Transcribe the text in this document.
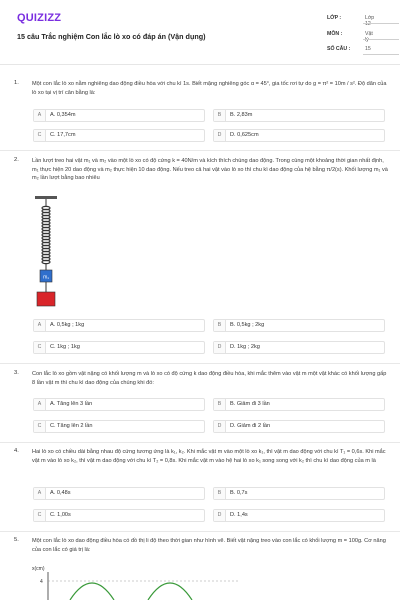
QUIZIZZ
15 câu Trắc nghiệm Con lắc lò xo có đáp án (Vận dụng)
LỚP :	Lớp 12
MÔN :	Vật lý
SỐ CÂU :	15
1. Một con lắc lò xo nằm nghiêng dao động điều hòa với chu kì 1s. Biết mặng nghiêng góc α = 45°, gia tốc rơi tự do g = π² = 10m / s². Độ dãn của lò xo tại vị trí cân bằng là:
A	A. 0,354m	B	B. 2,83m
C	C. 17,7cm	D	D. 0,625cm
2. Lần lượt treo hai vật m₁ và m₂ vào một lò xo có độ cứng k = 40N/m và kích thích chúng dao động. Trong cùng một khoảng thời gian nhất định, m₁ thực hiện 20 dao động và m₂ thực hiện 10 dao động. Nếu treo cả hai vật vào lò xo thì chu kì dao động của hệ bằng π/2(s). Khối lượng m₁ và m₂ lần lượt bằng bao nhiêu
m₁
A	A. 0,5kg ; 1kg	B	B. 0,5kg ; 2kg
C	C. 1kg ; 1kg	D	D. 1kg ; 2kg
3. Con lắc lò xo gồm vật nặng có khối lượng m và lò xo có độ cứng k dao động điều hòa, khi mắc thêm vào vật m một vật khác có khối lượng gấp 8 lần vật m thì chu kì dao động của chúng khi đó:
A	A. Tăng lên 3 lần	B	B. Giảm đi 3 lần
C	C. Tăng lên 2 lần	D	D. Giảm đi 2 lần
4. Hai lò xo có chiều dài bằng nhau độ cứng tương ứng là k₁, k₂. Khi mắc vật m vào một lò xo k₁, thì vật m dao động với chu kì T₁ = 0,6s. Khi mắc vật m vào lò xo k₂, thì vật m dao động với chu kì T₂ = 0,8s. Khi mắc vật m vào hệ hai lò xo k₁ song song với k₂ thì chu kì dao động của m là
A	A. 0,48s	B	B. 0,7s
C	C. 1,00s	D	D. 1,4s
5. Một con lắc lò xo dao động điều hòa có đồ thị li độ theo thời gian như hình vẽ. Biết vật nặng treo vào con lắc có khối lượng m = 100g. Cơ năng của con lắc có giá trị là:
x(cm)
4
